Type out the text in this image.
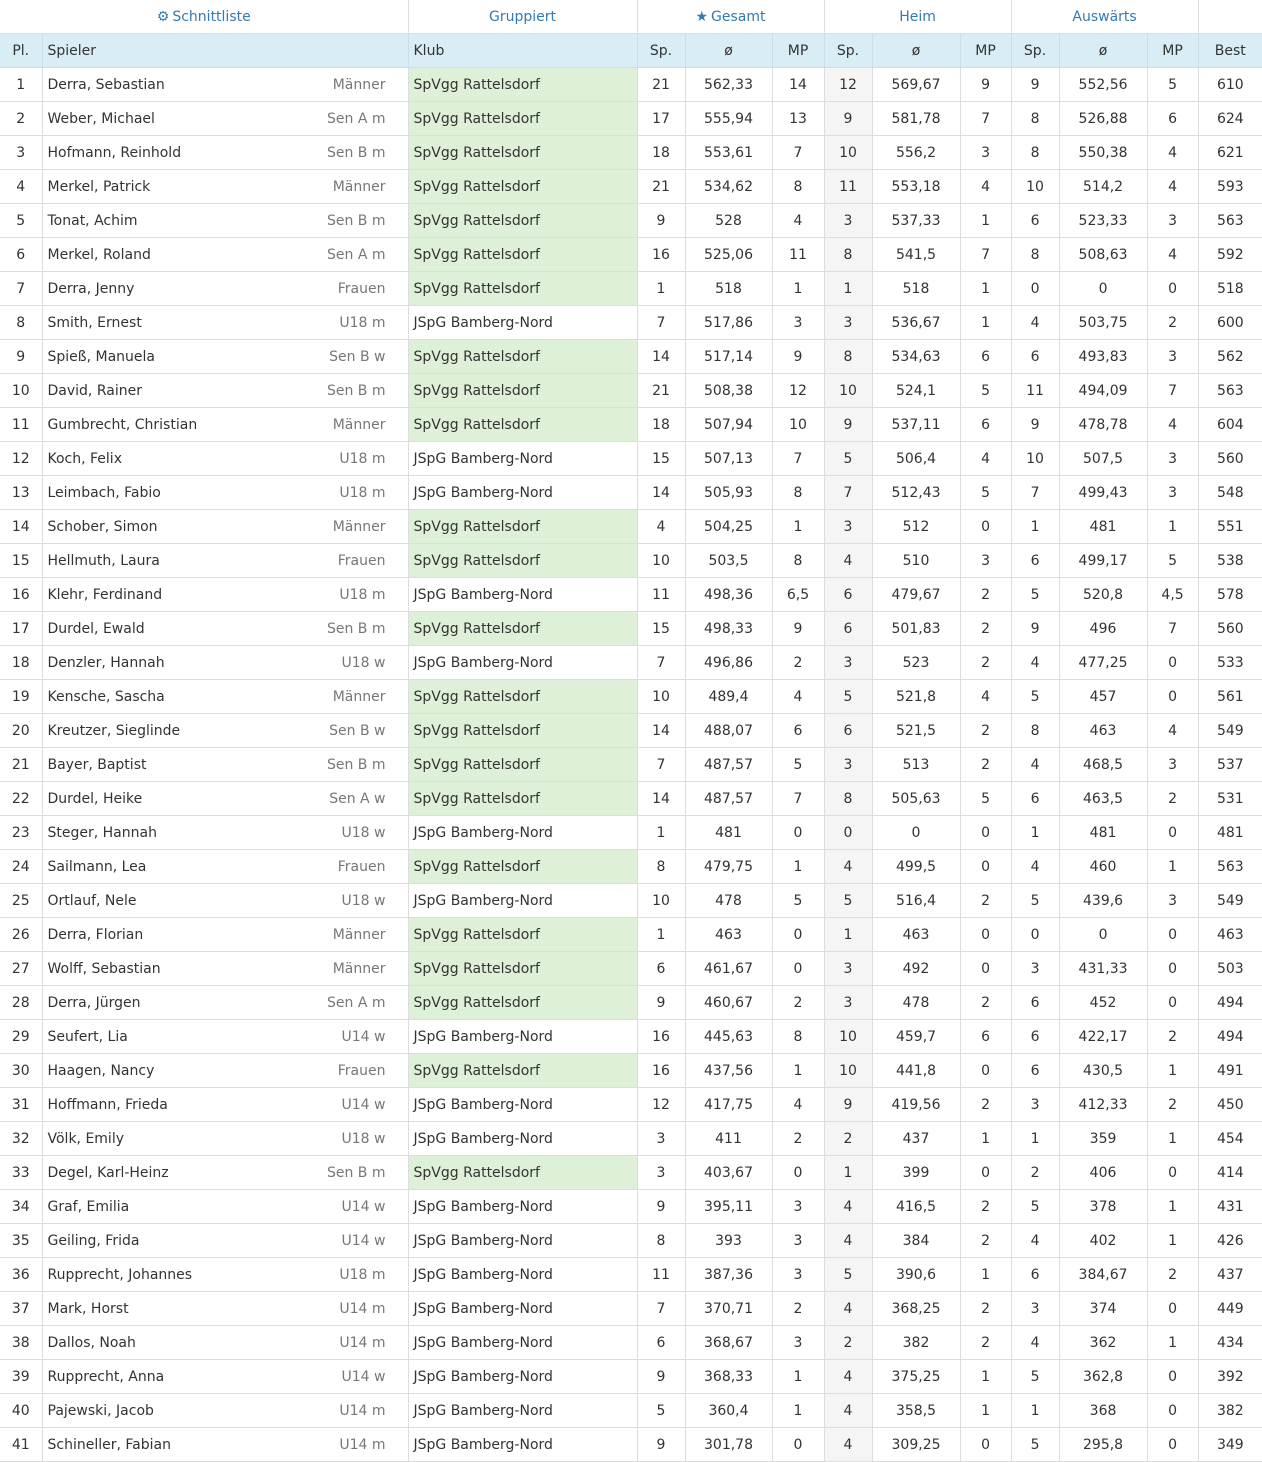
⚙ Schnittliste		Gruppiert	★ Gesamt			Heim			Auswärts			
Pl.	Spieler	Klub	Sp.	ø	MP	Sp.	ø	MP	Sp.	ø	MP	Best
1	Derra, Sebastian Männer	SpVgg Rattelsdorf	21	562,33	14	12	569,67	9	9	552,56	5	610
2	Weber, Michael Sen A m	SpVgg Rattelsdorf	17	555,94	13	9	581,78	7	8	526,88	6	624
3	Hofmann, Reinhold Sen B m	SpVgg Rattelsdorf	18	553,61	7	10	556,2	3	8	550,38	4	621
4	Merkel, Patrick Männer	SpVgg Rattelsdorf	21	534,62	8	11	553,18	4	10	514,2	4	593
5	Tonat, Achim Sen B m	SpVgg Rattelsdorf	9	528	4	3	537,33	1	6	523,33	3	563
6	Merkel, Roland Sen A m	SpVgg Rattelsdorf	16	525,06	11	8	541,5	7	8	508,63	4	592
7	Derra, Jenny Frauen	SpVgg Rattelsdorf	1	518	1	1	518	1	0	0	0	518
8	Smith, Ernest U18 m	JSpG Bamberg-Nord	7	517,86	3	3	536,67	1	4	503,75	2	600
9	Spieß, Manuela Sen B w	SpVgg Rattelsdorf	14	517,14	9	8	534,63	6	6	493,83	3	562
10	David, Rainer Sen B m	SpVgg Rattelsdorf	21	508,38	12	10	524,1	5	11	494,09	7	563
11	Gumbrecht, Christian Männer	SpVgg Rattelsdorf	18	507,94	10	9	537,11	6	9	478,78	4	604
12	Koch, Felix U18 m	JSpG Bamberg-Nord	15	507,13	7	5	506,4	4	10	507,5	3	560
13	Leimbach, Fabio U18 m	JSpG Bamberg-Nord	14	505,93	8	7	512,43	5	7	499,43	3	548
14	Schober, Simon Männer	SpVgg Rattelsdorf	4	504,25	1	3	512	0	1	481	1	551
15	Hellmuth, Laura Frauen	SpVgg Rattelsdorf	10	503,5	8	4	510	3	6	499,17	5	538
16	Klehr, Ferdinand U18 m	JSpG Bamberg-Nord	11	498,36	6,5	6	479,67	2	5	520,8	4,5	578
17	Durdel, Ewald Sen B m	SpVgg Rattelsdorf	15	498,33	9	6	501,83	2	9	496	7	560
18	Denzler, Hannah U18 w	JSpG Bamberg-Nord	7	496,86	2	3	523	2	4	477,25	0	533
19	Kensche, Sascha Männer	SpVgg Rattelsdorf	10	489,4	4	5	521,8	4	5	457	0	561
20	Kreutzer, Sieglinde Sen B w	SpVgg Rattelsdorf	14	488,07	6	6	521,5	2	8	463	4	549
21	Bayer, Baptist Sen B m	SpVgg Rattelsdorf	7	487,57	5	3	513	2	4	468,5	3	537
22	Durdel, Heike Sen A w	SpVgg Rattelsdorf	14	487,57	7	8	505,63	5	6	463,5	2	531
23	Steger, Hannah U18 w	JSpG Bamberg-Nord	1	481	0	0	0	0	1	481	0	481
24	Sailmann, Lea Frauen	SpVgg Rattelsdorf	8	479,75	1	4	499,5	0	4	460	1	563
25	Ortlauf, Nele U18 w	JSpG Bamberg-Nord	10	478	5	5	516,4	2	5	439,6	3	549
26	Derra, Florian Männer	SpVgg Rattelsdorf	1	463	0	1	463	0	0	0	0	463
27	Wolff, Sebastian Männer	SpVgg Rattelsdorf	6	461,67	0	3	492	0	3	431,33	0	503
28	Derra, Jürgen Sen A m	SpVgg Rattelsdorf	9	460,67	2	3	478	2	6	452	0	494
29	Seufert, Lia U14 w	JSpG Bamberg-Nord	16	445,63	8	10	459,7	6	6	422,17	2	494
30	Haagen, Nancy Frauen	SpVgg Rattelsdorf	16	437,56	1	10	441,8	0	6	430,5	1	491
31	Hoffmann, Frieda U14 w	JSpG Bamberg-Nord	12	417,75	4	9	419,56	2	3	412,33	2	450
32	Völk, Emily U18 w	JSpG Bamberg-Nord	3	411	2	2	437	1	1	359	1	454
33	Degel, Karl-Heinz Sen B m	SpVgg Rattelsdorf	3	403,67	0	1	399	0	2	406	0	414
34	Graf, Emilia U14 w	JSpG Bamberg-Nord	9	395,11	3	4	416,5	2	5	378	1	431
35	Geiling, Frida U14 w	JSpG Bamberg-Nord	8	393	3	4	384	2	4	402	1	426
36	Rupprecht, Johannes U18 m	JSpG Bamberg-Nord	11	387,36	3	5	390,6	1	6	384,67	2	437
37	Mark, Horst U14 m	JSpG Bamberg-Nord	7	370,71	2	4	368,25	2	3	374	0	449
38	Dallos, Noah U14 m	JSpG Bamberg-Nord	6	368,67	3	2	382	2	4	362	1	434
39	Rupprecht, Anna U14 w	JSpG Bamberg-Nord	9	368,33	1	4	375,25	1	5	362,8	0	392
40	Pajewski, Jacob U14 m	JSpG Bamberg-Nord	5	360,4	1	4	358,5	1	1	368	0	382
41	Schineller, Fabian U14 m	JSpG Bamberg-Nord	9	301,78	0	4	309,25	0	5	295,8	0	349
